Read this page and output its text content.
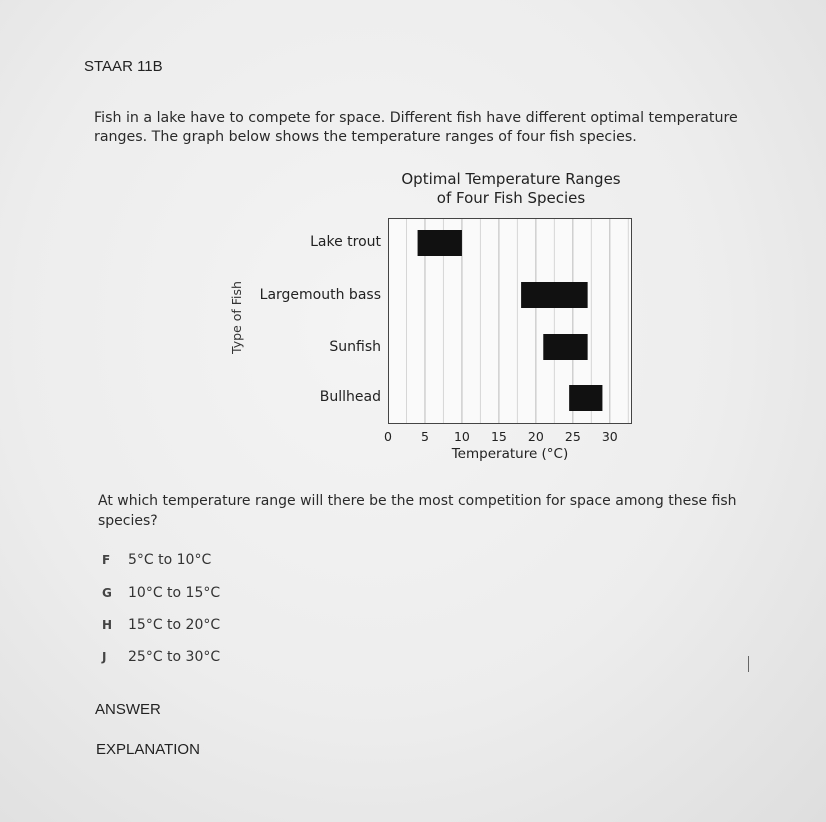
STAAR 11B
Fish in a lake have to compete for space. Different fish have different optimal temperature ranges. The graph below shows the temperature ranges of four fish species.
Optimal Temperature Ranges
of Four Fish Species
Type of Fish
Lake trout
Largemouth bass
Sunfish
Bullhead
0	5	10	15	20	25	30
Temperature (°C)
At which temperature range will there be the most competition for space among these fish species?
F 5°C to 10°C
G 10°C to 15°C
H 15°C to 20°C
J 25°C to 30°C
ANSWER
EXPLANATION
